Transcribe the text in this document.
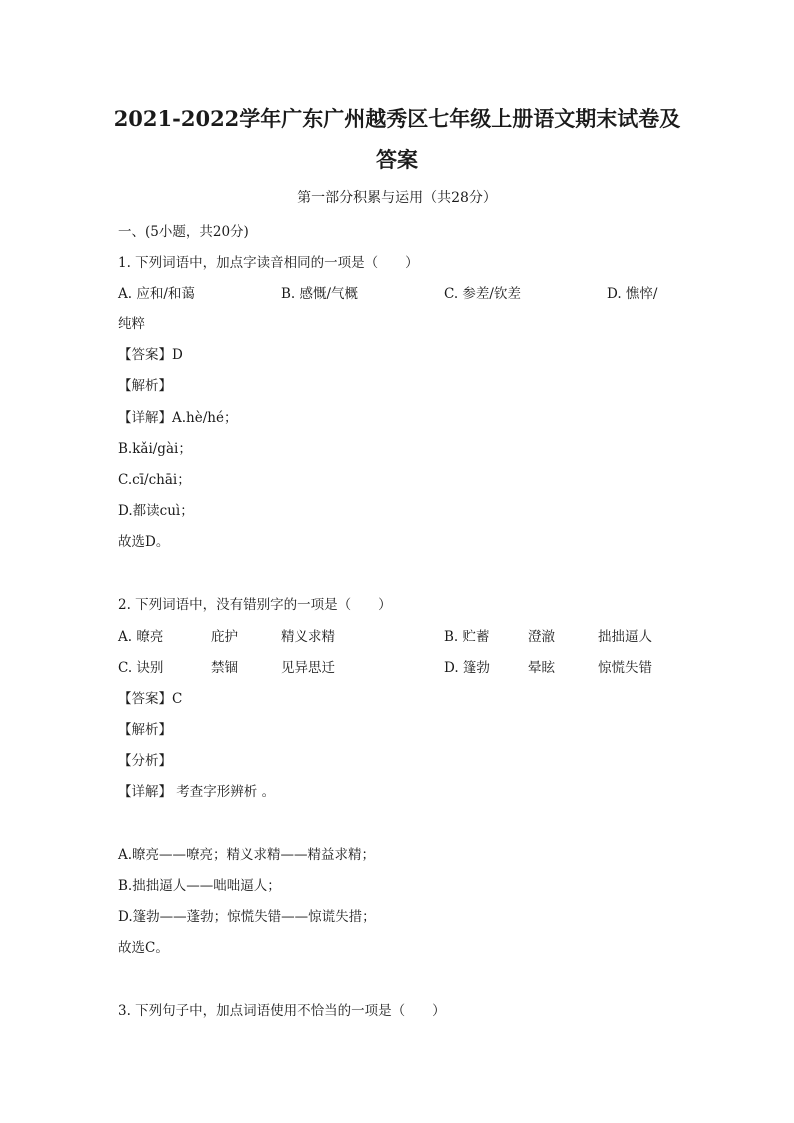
2021-2022学年广东广州越秀区七年级上册语文期末试卷及
答案
第一部分积累与运用（共28分）
一、(5小题，共20分)
1. 下列词语中，加点字读音相同的一项是（　　）
A. 应和/和蔼	B. 感慨/气概	C. 参差/钦差	D. 憔悴/
纯粹
【答案】D
【解析】
【详解】A.hè/hé；
B.kǎi/gài；
C.cī/chāi；
D.都读cuì；
故选D。
2. 下列词语中，没有错别字的一项是（　　）
A. 暸亮	庇护	精义求精	B. 贮蓄	澄澈	拙拙逼人
C. 诀别	禁锢	见异思迁	D. 篷勃	晕眩	惊慌失错
【答案】C
【解析】
【分析】
【详解】 考查字形辨析 。
A.暸亮——嘹亮；精义求精——精益求精；
B.拙拙逼人——咄咄逼人；
D.篷勃——蓬勃；惊慌失错——惊谎失措；
故选C。
3. 下列句子中，加点词语使用不恰当的一项是（　　）
